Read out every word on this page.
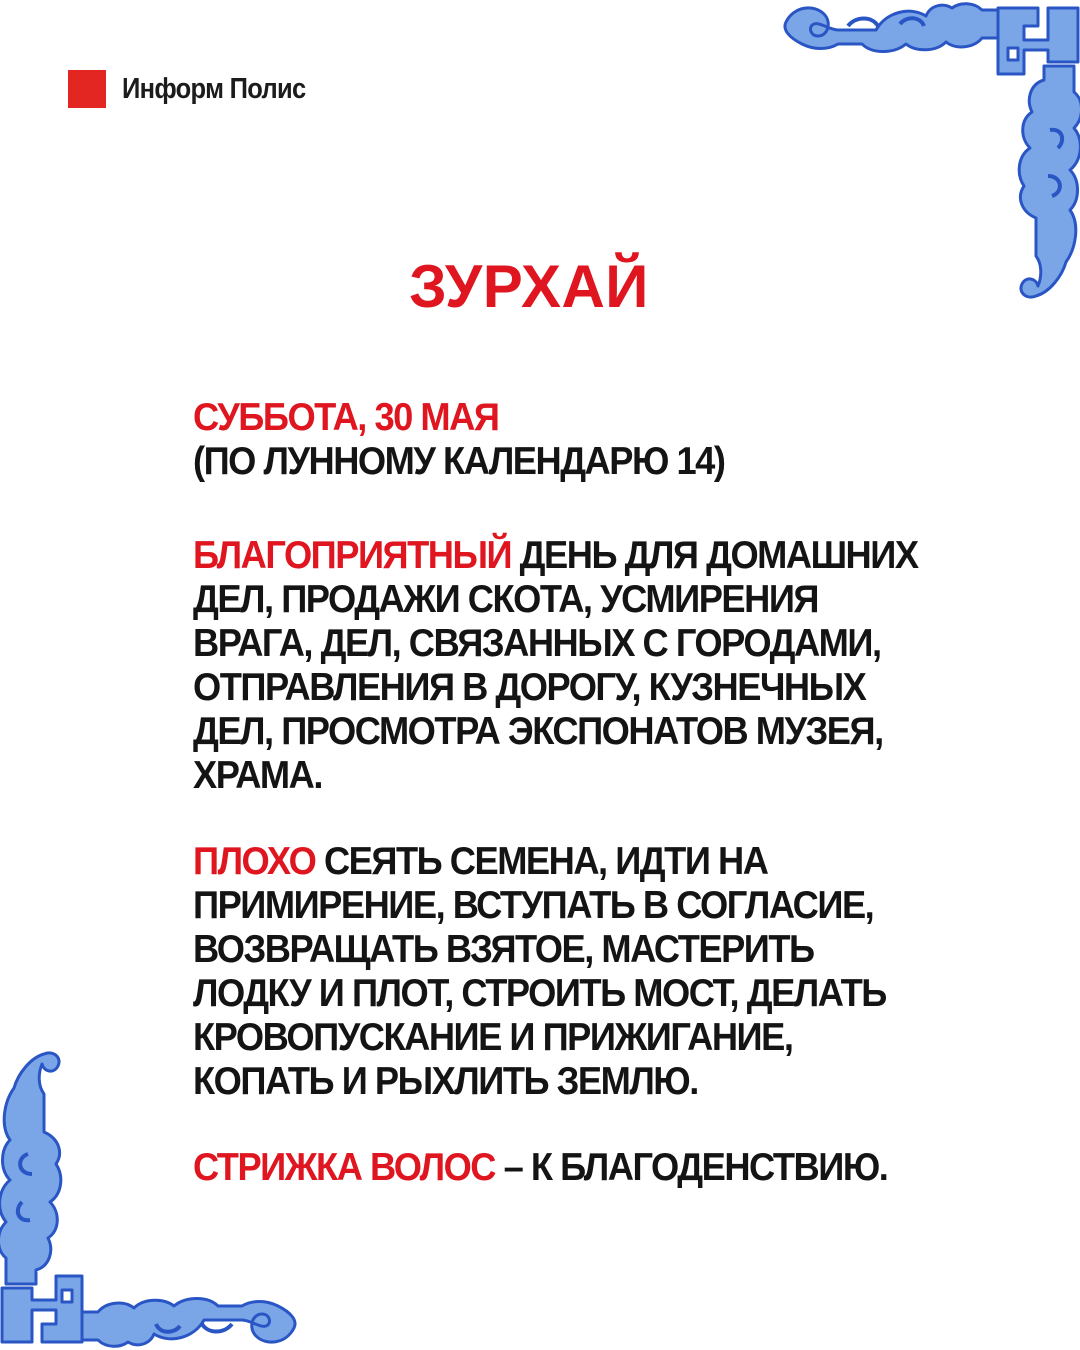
Информ Полис
ЗУРХАЙ
СУББОТА, 30 МАЯ
(ПО ЛУННОМУ КАЛЕНДАРЮ 14)
БЛАГОПРИЯТНЫЙ ДЕНЬ ДЛЯ ДОМАШНИХ
ДЕЛ, ПРОДАЖИ СКОТА, УСМИРЕНИЯ
ВРАГА, ДЕЛ, СВЯЗАННЫХ С ГОРОДАМИ,
ОТПРАВЛЕНИЯ В ДОРОГУ, КУЗНЕЧНЫХ
ДЕЛ, ПРОСМОТРА ЭКСПОНАТОВ МУЗЕЯ,
ХРАМА.
ПЛОХО СЕЯТЬ СЕМЕНА, ИДТИ НА
ПРИМИРЕНИЕ, ВСТУПАТЬ В СОГЛАСИЕ,
ВОЗВРАЩАТЬ ВЗЯТОЕ, МАСТЕРИТЬ
ЛОДКУ И ПЛОТ, СТРОИТЬ МОСТ, ДЕЛАТЬ
КРОВОПУСКАНИЕ И ПРИЖИГАНИЕ,
КОПАТЬ И РЫХЛИТЬ ЗЕМЛЮ.
СТРИЖКА ВОЛОС – К БЛАГОДЕНСТВИЮ.
